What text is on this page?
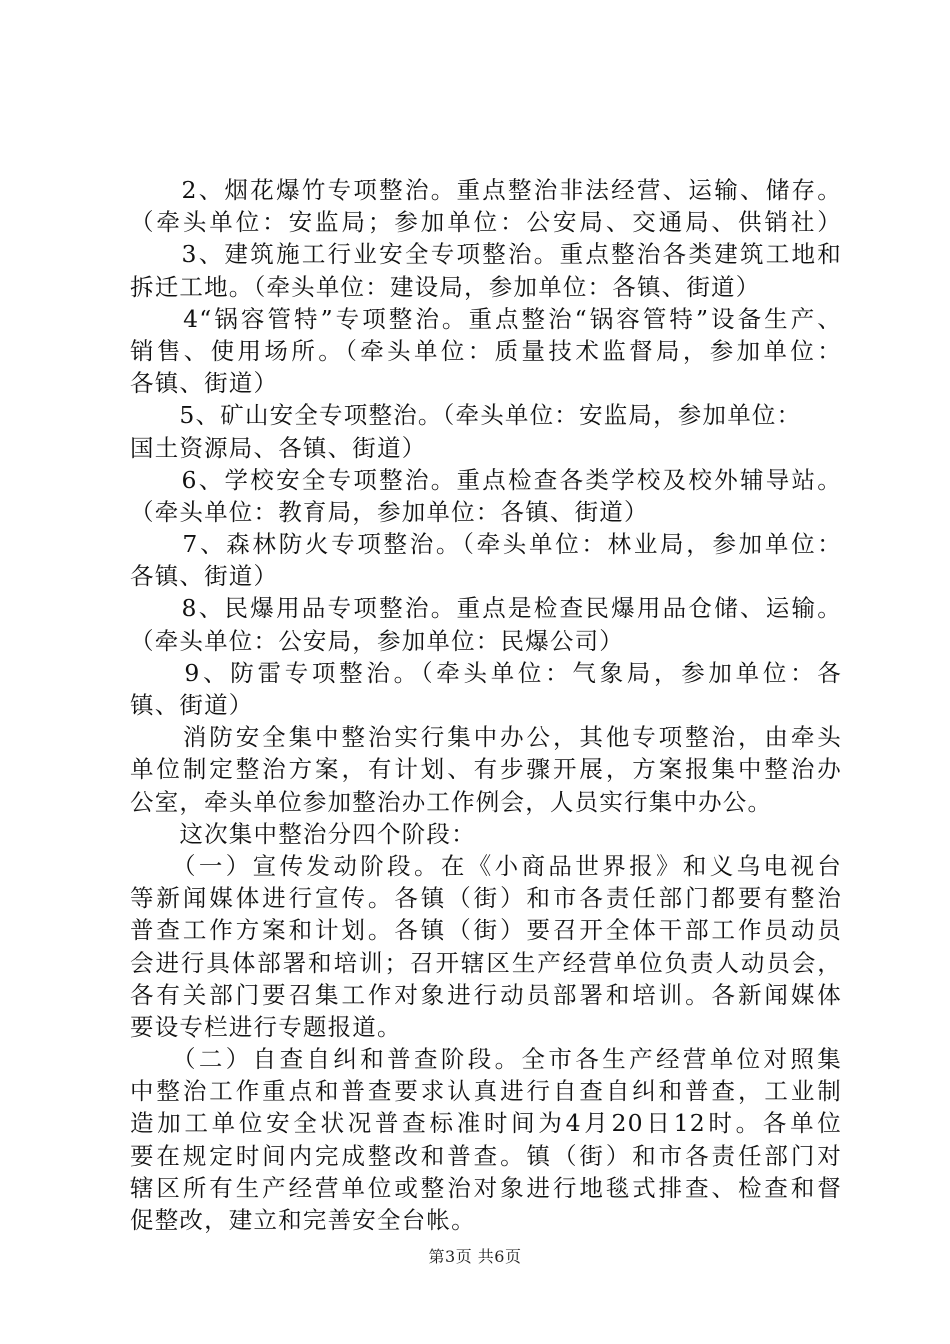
　　2、烟花爆竹专项整治。重点整治非法经营、运输、储存。
（牵头单位：安监局；参加单位：公安局、交通局、供销社）
　　3、建筑施工行业安全专项整治。重点整治各类建筑工地和
拆迁工地。（牵头单位：建设局，参加单位：各镇、街道）
　　4“锅容管特”专项整治。重点整治“锅容管特”设备生产、
销售、使用场所。（牵头单位：质量技术监督局，参加单位：
各镇、街道）
　　5、矿山安全专项整治。（牵头单位：安监局，参加单位：
国土资源局、各镇、街道）
　　6、学校安全专项整治。重点检查各类学校及校外辅导站。
（牵头单位：教育局，参加单位：各镇、街道）
　　7、森林防火专项整治。（牵头单位：林业局，参加单位：
各镇、街道）
　　8、民爆用品专项整治。重点是检查民爆用品仓储、运输。
（牵头单位：公安局，参加单位：民爆公司）
　　9、防雷专项整治。（牵头单位：气象局，参加单位：各
镇、街道）
　　消防安全集中整治实行集中办公，其他专项整治，由牵头
单位制定整治方案，有计划、有步骤开展，方案报集中整治办
公室，牵头单位参加整治办工作例会，人员实行集中办公。
　　这次集中整治分四个阶段：
　　（一）宣传发动阶段。在《小商品世界报》和义乌电视台
等新闻媒体进行宣传。各镇（街）和市各责任部门都要有整治
普查工作方案和计划。各镇（街）要召开全体干部工作员动员
会进行具体部署和培训；召开辖区生产经营单位负责人动员会，
各有关部门要召集工作对象进行动员部署和培训。各新闻媒体
要设专栏进行专题报道。
　　（二）自查自纠和普查阶段。全市各生产经营单位对照集
中整治工作重点和普查要求认真进行自查自纠和普查，工业制
造加工单位安全状况普查标准时间为4月20日12时。各单位
要在规定时间内完成整改和普查。镇（街）和市各责任部门对
辖区所有生产经营单位或整治对象进行地毯式排查、检查和督
促整改，建立和完善安全台帐。
第3页 共6页
